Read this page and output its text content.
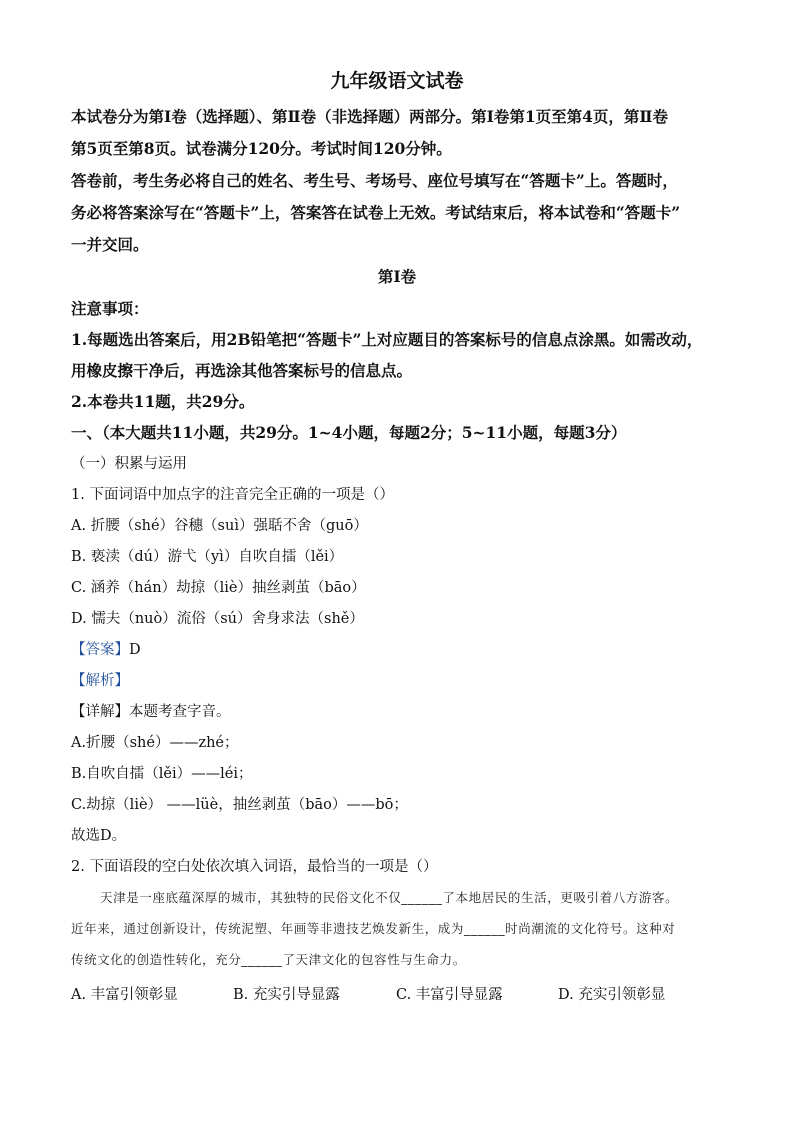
九年级语文试卷
本试卷分为第Ⅰ卷（选择题）、第Ⅱ卷（非选择题）两部分。第Ⅰ卷第1页至第4页，第Ⅱ卷
第5页至第8页。试卷满分120分。考试时间120分钟。
答卷前，考生务必将自己的姓名、考生号、考场号、座位号填写在“答题卡”上。答题时，
务必将答案涂写在“答题卡”上，答案答在试卷上无效。考试结束后，将本试卷和“答题卡”
一并交回。
第Ⅰ卷
注意事项：
1.每题选出答案后，用2B铅笔把“答题卡”上对应题目的答案标号的信息点涂黑。如需改动，
用橡皮擦干净后，再选涂其他答案标号的信息点。
2.本卷共11题，共29分。
一、（本大题共11小题，共29分。1~4小题，每题2分；5~11小题，每题3分）
（一）积累与运用
1. 下面词语中加点字的注音完全正确的一项是（）
A. 折腰（shé）谷穗（suì）强聒不舍（guō）
B. 亵渎（dú）游弋（yì）自吹自擂（lěi）
C. 涵养（hán）劫掠（liè）抽丝剥茧（bāo）
D. 懦夫（nuò）流俗（sú）舍身求法（shě）
【答案】D
【解析】
【详解】本题考查字音。
A.折腰（shé）——zhé；
B.自吹自擂（lěi）——léi；
C.劫掠（liè） ——lüè，抽丝剥茧（bāo）——bō；
故选D。
2. 下面语段的空白处依次填入词语，最恰当的一项是（）
天津是一座底蕴深厚的城市，其独特的民俗文化不仅______了本地居民的生活，更吸引着八方游客。
近年来，通过创新设计，传统泥塑、年画等非遗技艺焕发新生，成为______时尚潮流的文化符号。这种对
传统文化的创造性转化，充分______了天津文化的包容性与生命力。
A. 丰富引领彰显	B. 充实引导显露	C. 丰富引导显露	D. 充实引领彰显
